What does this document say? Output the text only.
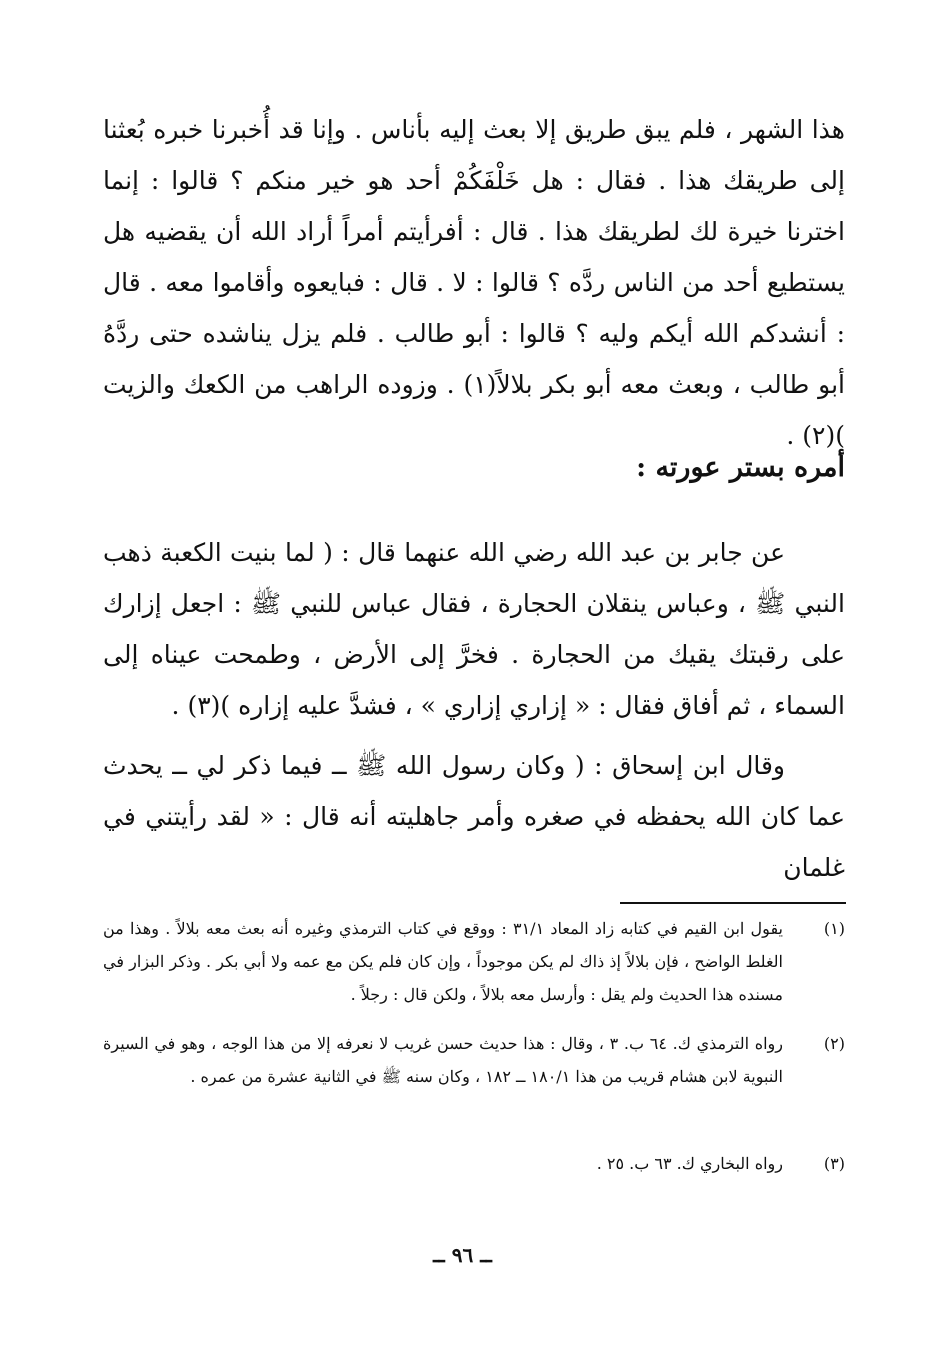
هذا الشهر ، فلم يبق طريق إلا بعث إليه بأناس . وإنا قد أُخبرنا خبره بُعثنا إلى طريقك هذا . فقال : هل خَلْفَكُمْ أحد هو خير منكم ؟ قالوا : إنما اخترنا خيرة لك لطريقك هذا . قال : أفرأيتم أمراً أراد الله أن يقضيه هل يستطيع أحد من الناس ردَّه ؟ قالوا : لا . قال : فبايعوه وأقاموا معه . قال : أنشدكم الله أيكم وليه ؟ قالوا : أبو طالب . فلم يزل يناشده حتى ردَّهُ أبو طالب ، وبعث معه أبو بكر بلالاً(١) . وزوده الراهب من الكعك والزيت )(٢) .

أمره بستر عورته :

عن جابر بن عبد الله رضي الله عنهما قال : ( لما بنيت الكعبة ذهب النبي ﷺ ، وعباس ينقلان الحجارة ، فقال عباس للنبي ﷺ : اجعل إزارك على رقبتك يقيك من الحجارة . فخرَّ إلى الأرض ، وطمحت عيناه إلى السماء ، ثم أفاق فقال : « إزاري إزاري » ، فشدَّ عليه إزاره )(٣) .

وقال ابن إسحاق : ( وكان رسول الله ﷺ ــ فيما ذكر لي ــ يحدث عما كان الله يحفظه في صغره وأمر جاهليته أنه قال : « لقد رأيتني في غلمان

(١)
يقول ابن القيم في كتابه زاد المعاد ٣١/١ : ووقع في كتاب الترمذي وغيره أنه بعث معه بلالاً . وهذا من الغلط الواضح ، فإن بلالاً إذ ذاك لم يكن موجوداً ، وإن كان فلم يكن مع عمه ولا أبي بكر . وذكر البزار في مسنده هذا الحديث ولم يقل : وأرسل معه بلالاً ، ولكن قال : رجلاً .
(٢)
رواه الترمذي ك. ٦٤ ب. ٣ ، وقال : هذا حديث حسن غريب لا نعرفه إلا من هذا الوجه ، وهو في السيرة النبوية لابن هشام قريب من هذا ١٨٠/١ ــ ١٨٢ ، وكان سنه ﷺ في الثانية عشرة من عمره .
(٣)
رواه البخاري ك. ٦٣ ب. ٢٥ .
ــ ٩٦ ــ
